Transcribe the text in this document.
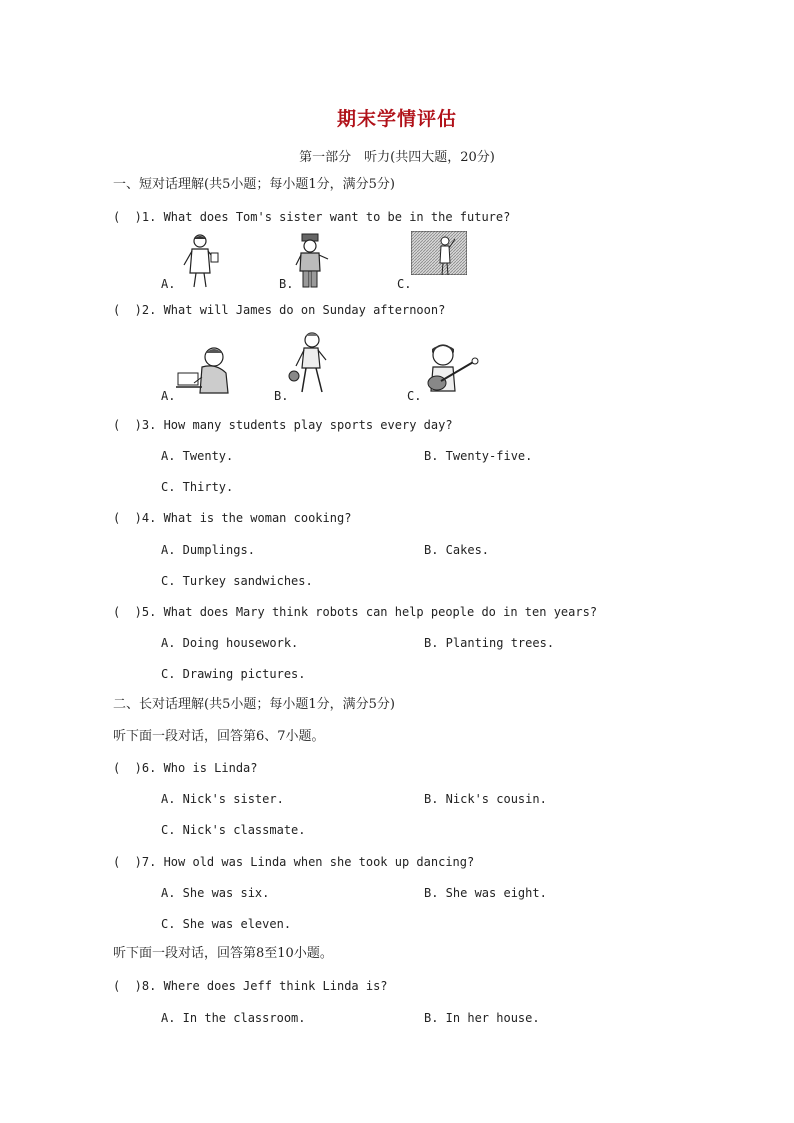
期末学情评估
第一部分　听力(共四大题，20分)
一、短对话理解(共5小题；每小题1分，满分5分)
(  )1. What does Tom's sister want to be in the future?
A.	B.	C.
(  )2. What will James do on Sunday afternoon?
A.	B.	C.
(  )3. How many students play sports every day?
A. Twenty.	B. Twenty-five.
C. Thirty.
(  )4. What is the woman cooking?
A. Dumplings.	B. Cakes.
C. Turkey sandwiches.
(  )5. What does Mary think robots can help people do in ten years?
A. Doing housework.	B. Planting trees.
C. Drawing pictures.
二、长对话理解(共5小题；每小题1分，满分5分)
听下面一段对话，回答第6、7小题。
(  )6. Who is Linda?
A. Nick's sister.	B. Nick's cousin.
C. Nick's classmate.
(  )7. How old was Linda when she took up dancing?
A. She was six.	B. She was eight.
C. She was eleven.
听下面一段对话，回答第8至10小题。
(  )8. Where does Jeff think Linda is?
A. In the classroom.	B. In her house.
